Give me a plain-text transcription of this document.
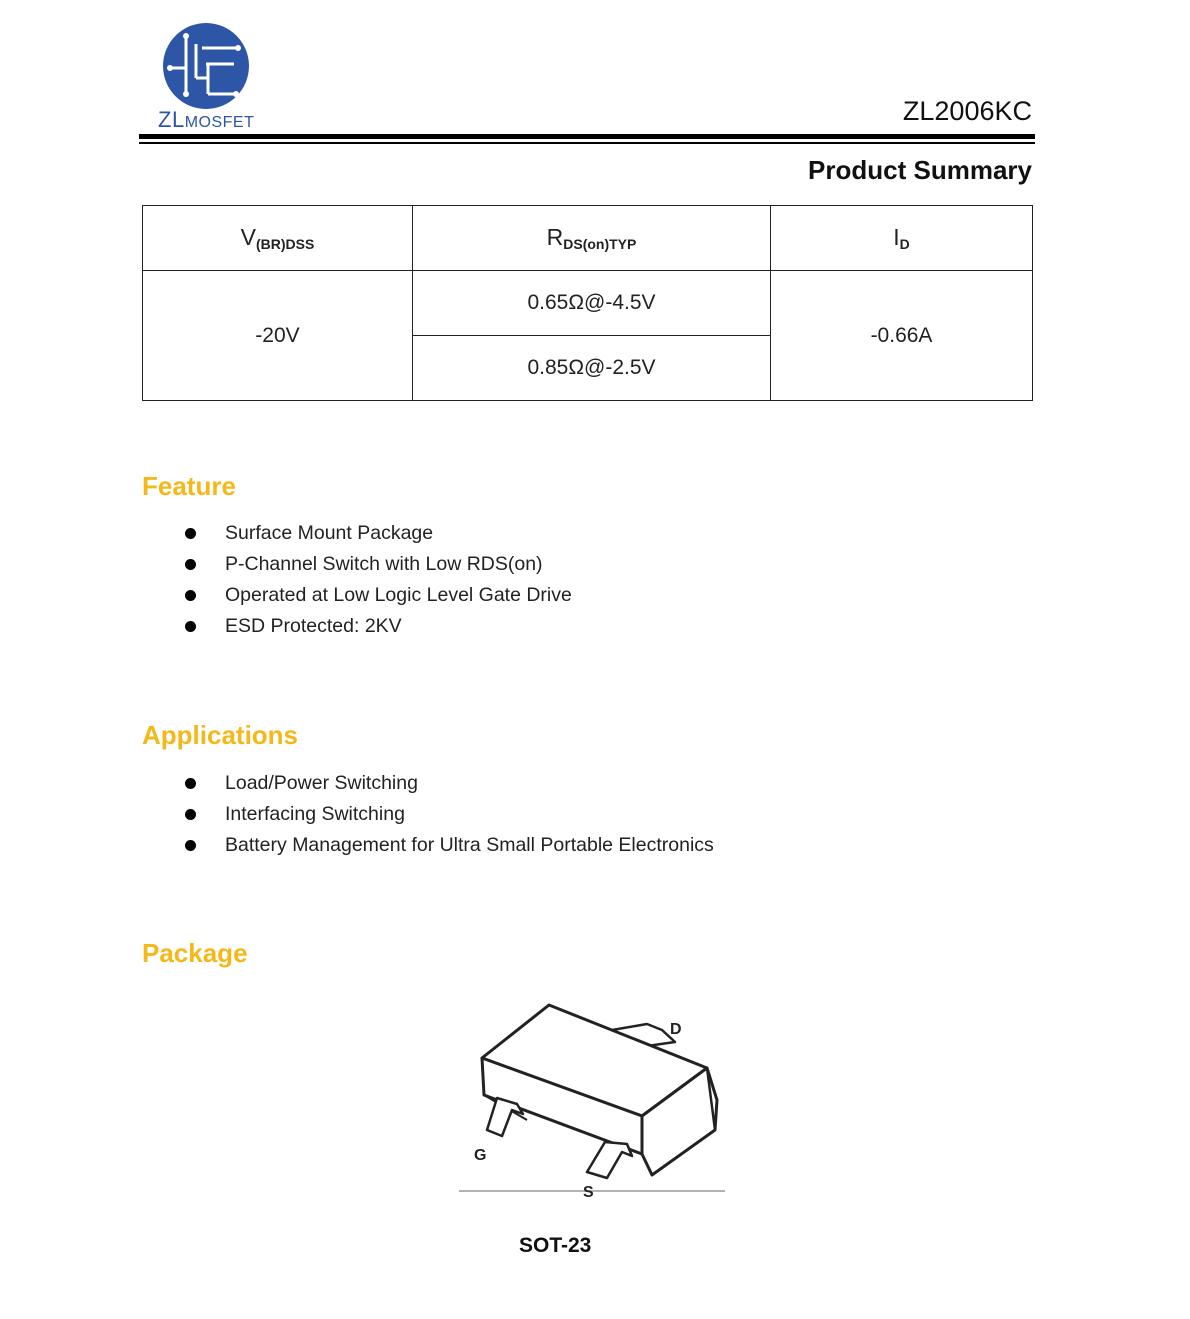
ZLMOSFET	ZL2006KC
Product Summary
$V_{(BR)DSS}$	$R_{DS(on)TYP}$	$I_D$
-20V	0.65Ω@-4.5V	-0.66A
	0.85Ω@-2.5V	
Feature
Surface Mount Package
P-Channel Switch with Low RDS(on)
Operated at Low Logic Level Gate Drive
ESD Protected: 2KV
Applications
Load/Power Switching
Interfacing Switching
Battery Management for Ultra Small Portable Electronics
Package
D
G
S
SOT-23
